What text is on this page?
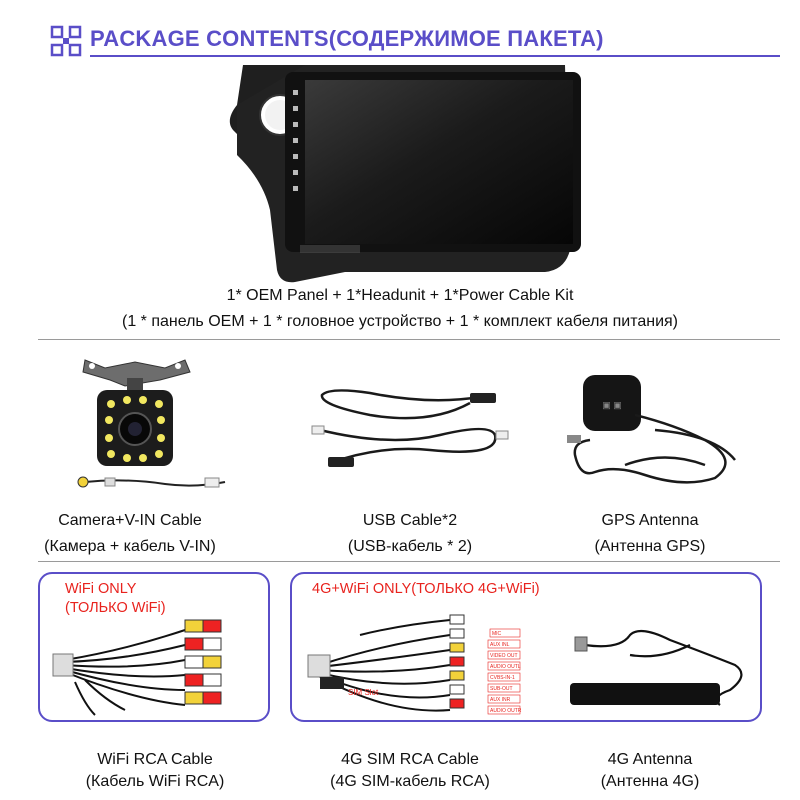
PACKAGE CONTENTS(СОДЕРЖИМОЕ ПАКЕТА)
1* OEM Panel + 1*Headunit + 1*Power Cable Kit
(1 * панель OEM + 1 * головное устройство + 1 * комплект кабеля питания)
Camera+V-IN Cable
(Камера + кабель V-IN)
USB Cable*2
(USB-кабель * 2)
▣ ▣
GPS Antenna
(Антенна GPS)
WiFi ONLY
(ТОЛЬКО WiFi)
WiFi RCA Cable
(Кабель WiFi RCA)
4G+WiFi ONLY(ТОЛЬКО 4G+WiFi)
SIM Slot
MIC
AUX INL
VIDEO OUT
AUDIO OUTL
CVBS-IN-1
SUB-OUT
AUX INR
AUDIO OUTR
4G SIM RCA Cable
(4G SIM-кабель RCA)
4G Antenna
(Антенна 4G)
